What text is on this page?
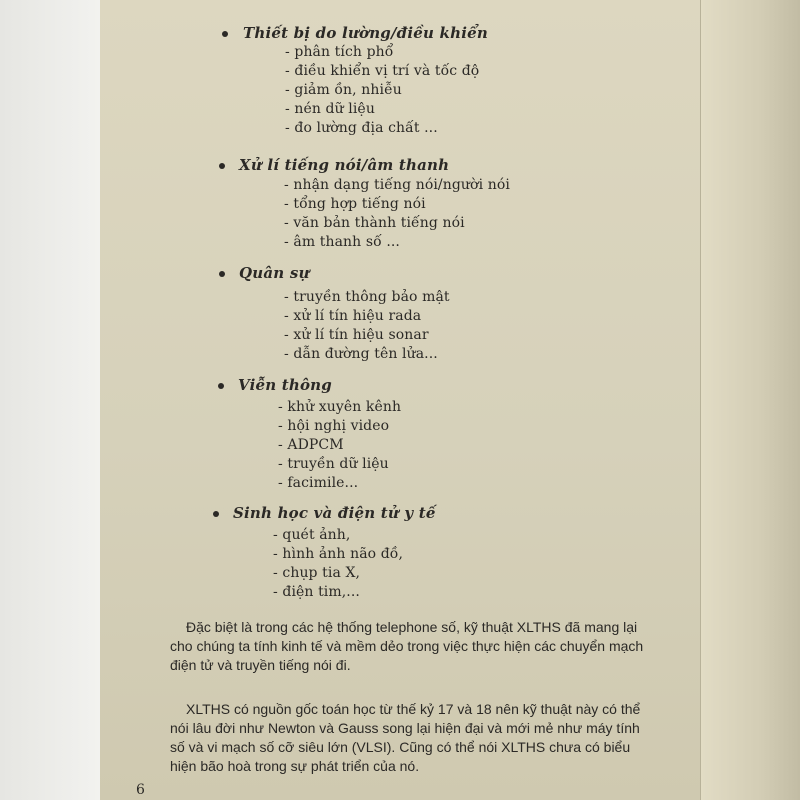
Thiết bị do lường/điều khiển
- phân tích phổ
- điều khiển vị trí và tốc độ
- giảm ồn, nhiễu
- nén dữ liệu
- đo lường địa chất ...
Xử lí tiếng nói/âm thanh
- nhận dạng tiếng nói/người nói
- tổng hợp tiếng nói
- văn bản thành tiếng nói
- âm thanh số ...
Quân sự
- truyền thông bảo mật
- xử lí tín hiệu rada
- xử lí tín hiệu sonar
- dẫn đường tên lửa...
Viễn thông
- khử xuyên kênh
- hội nghị video
- ADPCM
- truyền dữ liệu
- facimile...
Sinh học và điện tử y tế
- quét ảnh,
- hình ảnh não đồ,
- chụp tia X,
- điện tim,...
Đặc biệt là trong các hệ thống telephone số, kỹ thuật XLTHS đã mang lại
cho chúng ta tính kinh tế và mềm dẻo trong việc thực hiện các chuyển mạch
điện tử và truyền tiếng nói đi.
XLTHS có nguồn gốc toán học từ thế kỷ 17 và 18 nên kỹ thuật này có thể
nói lâu đời như Newton và Gauss song lại hiện đại và mới mẻ như máy tính
số và vi mạch số cỡ siêu lớn (VLSI). Cũng có thể nói XLTHS chưa có biểu
hiện bão hoà trong sự phát triển của nó.
6
